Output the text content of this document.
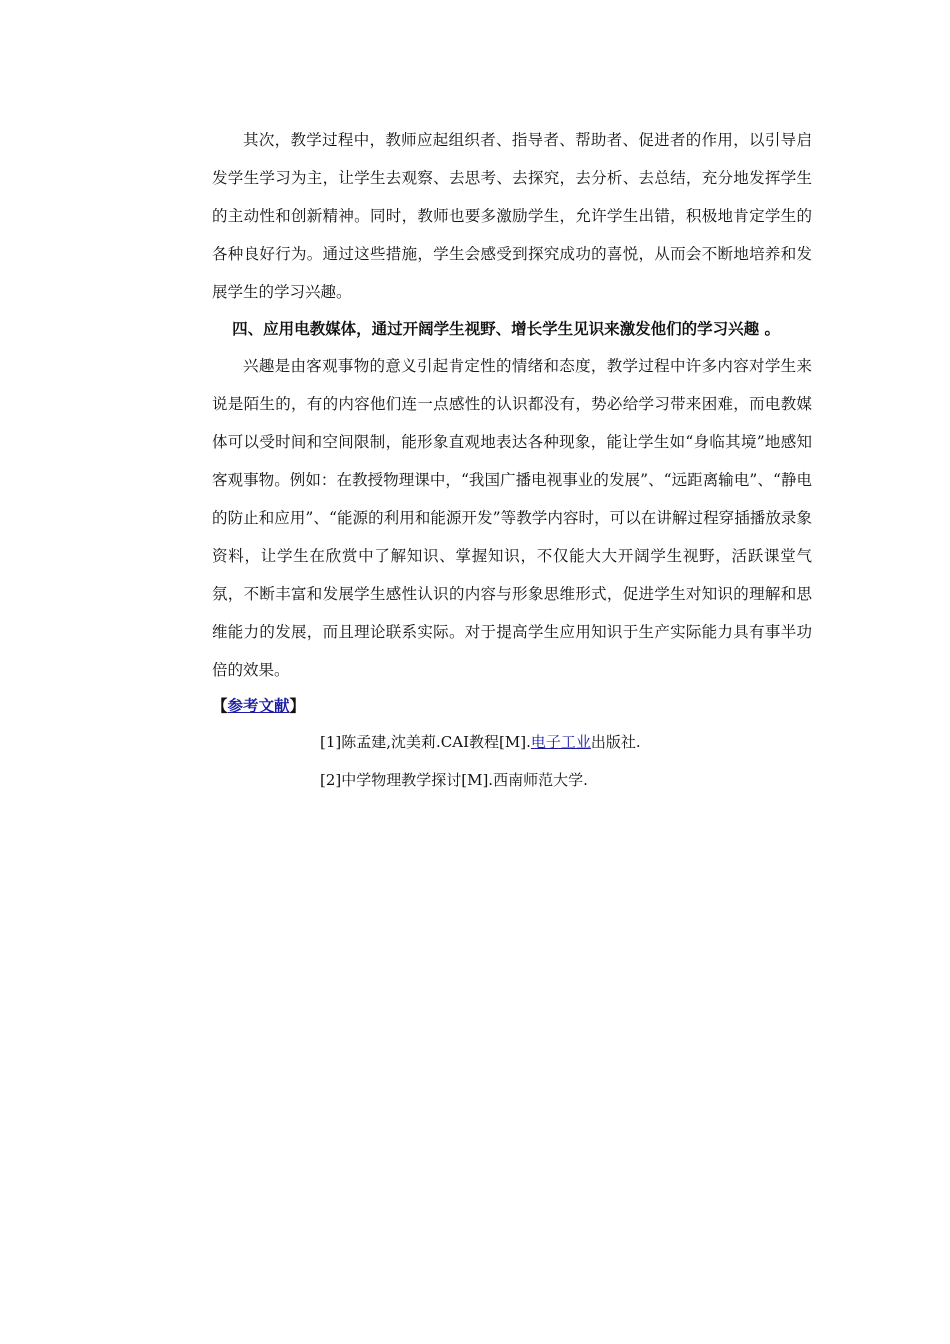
其次，教学过程中，教师应起组织者、指导者、帮助者、促进者的作用，以引导启发学生学习为主，让学生去观察、去思考、去探究，去分析、去总结，充分地发挥学生的主动性和创新精神。同时，教师也要多激励学生，允许学生出错，积极地肯定学生的各种良好行为。通过这些措施，学生会感受到探究成功的喜悦，从而会不断地培养和发展学生的学习兴趣。

四、应用电教媒体，通过开阔学生视野、增长学生见识来激发他们的学习兴趣 。

兴趣是由客观事物的意义引起肯定性的情绪和态度，教学过程中许多内容对学生来说是陌生的，有的内容他们连一点感性的认识都没有，势必给学习带来困难，而电教媒体可以受时间和空间限制，能形象直观地表达各种现象，能让学生如“身临其境”地感知客观事物。例如：在教授物理课中，“我国广播电视事业的发展”、“远距离输电”、“静电的防止和应用”、“能源的利用和能源开发”等教学内容时，可以在讲解过程穿插播放录象资料，让学生在欣赏中了解知识、掌握知识，不仅能大大开阔学生视野，活跃课堂气氛，不断丰富和发展学生感性认识的内容与形象思维形式，促进学生对知识的理解和思维能力的发展，而且理论联系实际。对于提高学生应用知识于生产实际能力具有事半功倍的效果。

【参考文献】

[1]陈孟建,沈美莉.CAI教程[M].电子工业出版社.
[2]中学物理教学探讨[M].西南师范大学.
